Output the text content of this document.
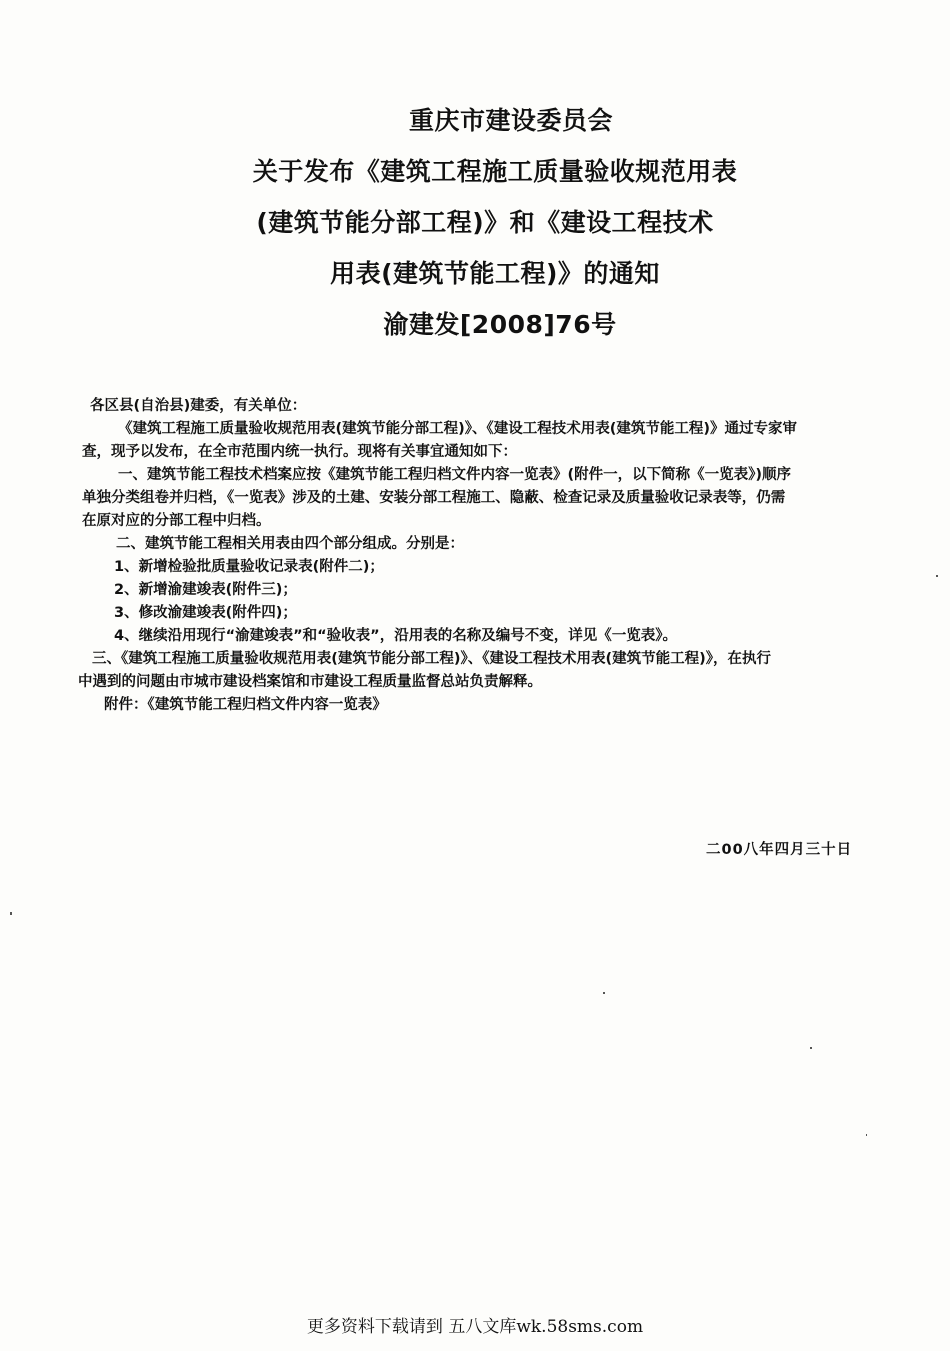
重庆市建设委员会
关于发布《建筑工程施工质量验收规范用表
(建筑节能分部工程)》和《建设工程技术
用表(建筑节能工程)》的通知
渝建发[2008]76号
各区县(自治县)建委，有关单位：
《建筑工程施工质量验收规范用表(建筑节能分部工程)》、《建设工程技术用表(建筑节能工程)》通过专家审
查，现予以发布，在全市范围内统一执行。现将有关事宜通知如下：
一、建筑节能工程技术档案应按《建筑节能工程归档文件内容一览表》(附件一，以下简称《一览表》)顺序
单独分类组卷并归档，《一览表》涉及的土建、安装分部工程施工、隐蔽、检查记录及质量验收记录表等，仍需
在原对应的分部工程中归档。
二、建筑节能工程相关用表由四个部分组成。分别是：
1、新增检验批质量验收记录表(附件二)；
2、新增渝建竣表(附件三)；
3、修改渝建竣表(附件四)；
4、继续沿用现行“渝建竣表”和“验收表”，沿用表的名称及编号不变，详见《一览表》。
三、《建筑工程施工质量验收规范用表(建筑节能分部工程)》、《建设工程技术用表(建筑节能工程)》，在执行
中遇到的问题由市城市建设档案馆和市建设工程质量监督总站负责解释。
附件：《建筑节能工程归档文件内容一览表》
二00八年四月三十日
更多资料下载请到 五八文库wk.58sms.com
